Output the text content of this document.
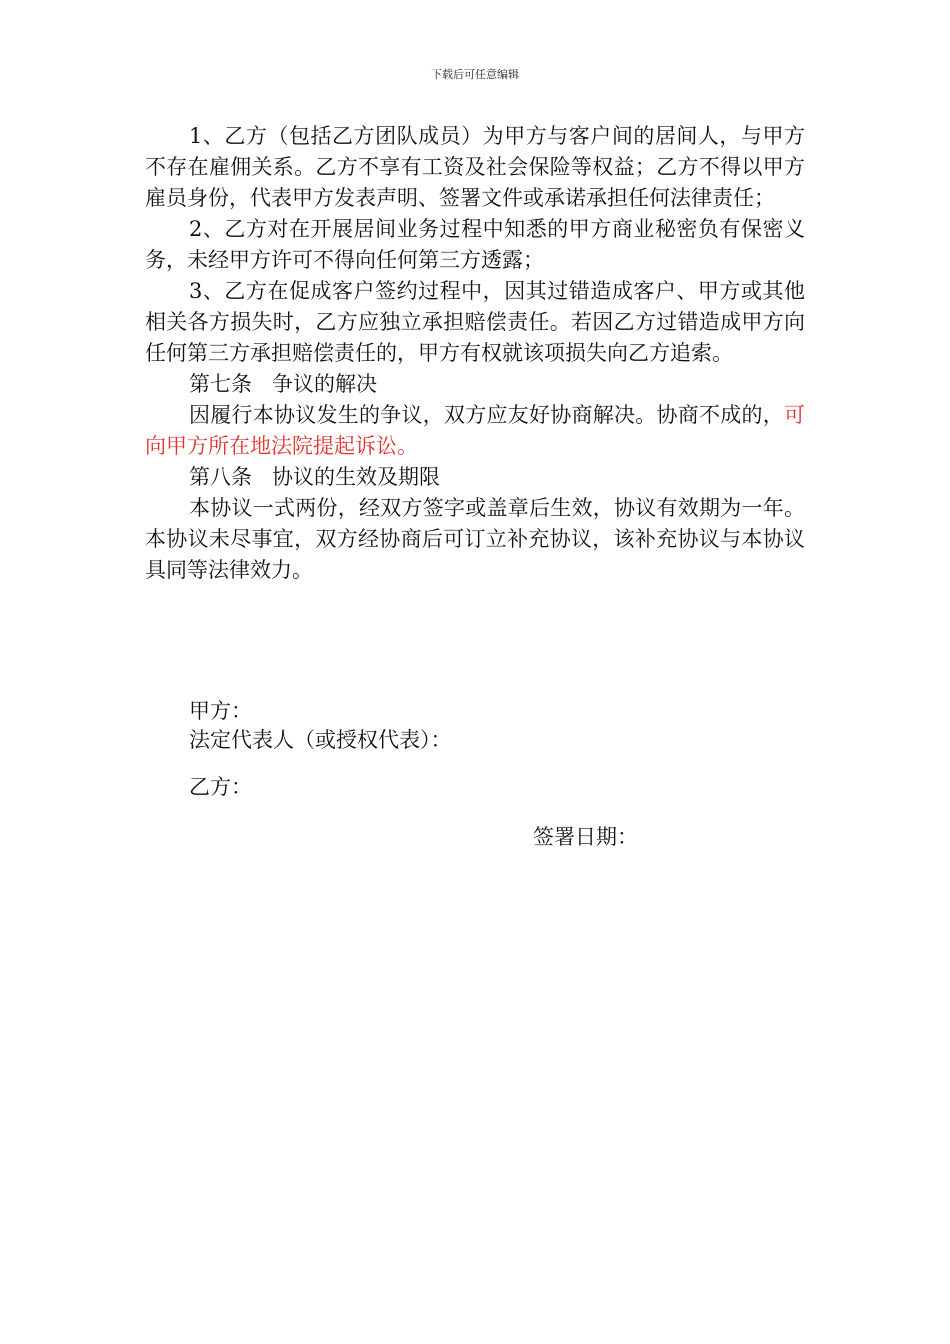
下载后可任意编辑

1、乙方（包括乙方团队成员）为甲方与客户间的居间人，与甲方不存在雇佣关系。乙方不享有工资及社会保险等权益；乙方不得以甲方雇员身份，代表甲方发表声明、签署文件或承诺承担任何法律责任；

2、乙方对在开展居间业务过程中知悉的甲方商业秘密负有保密义务，未经甲方许可不得向任何第三方透露；

3、乙方在促成客户签约过程中，因其过错造成客户、甲方或其他相关各方损失时，乙方应独立承担赔偿责任。若因乙方过错造成甲方向任何第三方承担赔偿责任的，甲方有权就该项损失向乙方追索。

第七条   争议的解决

因履行本协议发生的争议，双方应友好协商解决。协商不成的，可向甲方所在地法院提起诉讼。

第八条   协议的生效及期限

本协议一式两份，经双方签字或盖章后生效，协议有效期为一年。本协议未尽事宜，双方经协商后可订立补充协议，该补充协议与本协议具同等法律效力。

甲方：
法定代表人（或授权代表）：
乙方：
签署日期：
